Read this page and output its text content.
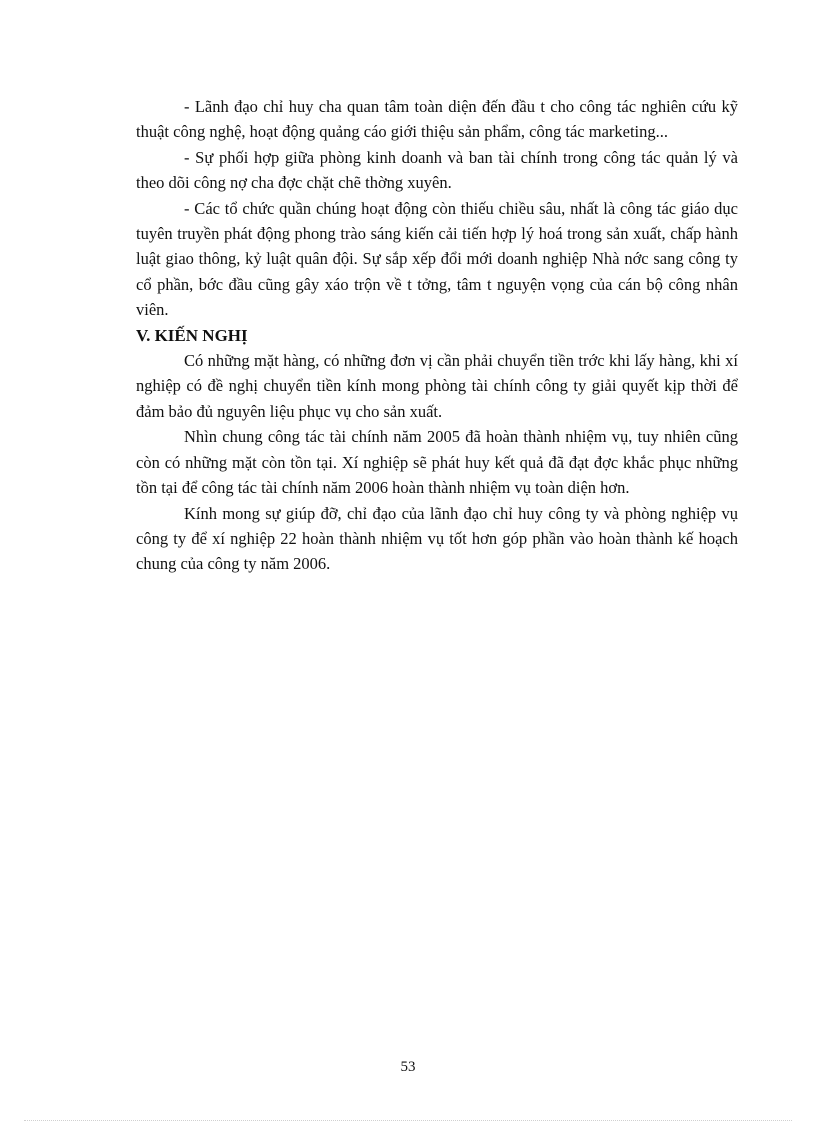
- Lãnh đạo chỉ huy cha quan tâm toàn diện đến đầu t cho công tác nghiên cứu kỹ thuật công nghệ, hoạt động quảng cáo giới thiệu sản phẩm, công tác marketing...

- Sự phối hợp giữa phòng kinh doanh và ban tài chính trong công tác quản lý và theo dõi công nợ cha đợc chặt chẽ thờng xuyên.

- Các tổ chức quần chúng hoạt động còn thiếu chiều sâu, nhất là công tác giáo dục tuyên truyền phát động phong trào sáng kiến cải tiến hợp lý hoá trong sản xuất, chấp hành luật giao thông, kỷ luật quân đội. Sự sắp xếp đổi mới doanh nghiệp Nhà nớc sang công ty cổ phần, bớc đầu cũng gây xáo trộn về t tởng, tâm t nguyện vọng của cán bộ công nhân viên.

V. KIẾN NGHỊ

Có những mặt hàng, có những đơn vị cần phải chuyển tiền trớc khi lấy hàng, khi xí nghiệp có đề nghị chuyển tiền kính mong phòng tài chính công ty giải quyết kịp thời để đảm bảo đủ nguyên liệu phục vụ cho sản xuất.

Nhìn chung công tác tài chính năm 2005 đã hoàn thành nhiệm vụ, tuy nhiên cũng còn có những mặt còn tồn tại. Xí nghiệp sẽ phát huy kết quả đã đạt đợc khắc phục những tồn tại để công tác tài chính năm 2006 hoàn thành nhiệm vụ toàn diện hơn.

Kính mong sự giúp đỡ, chỉ đạo của lãnh đạo chỉ huy công ty và phòng nghiệp vụ công ty để xí nghiệp 22 hoàn thành nhiệm vụ tốt hơn góp phần vào hoàn thành kế hoạch chung của công ty năm 2006.

53
